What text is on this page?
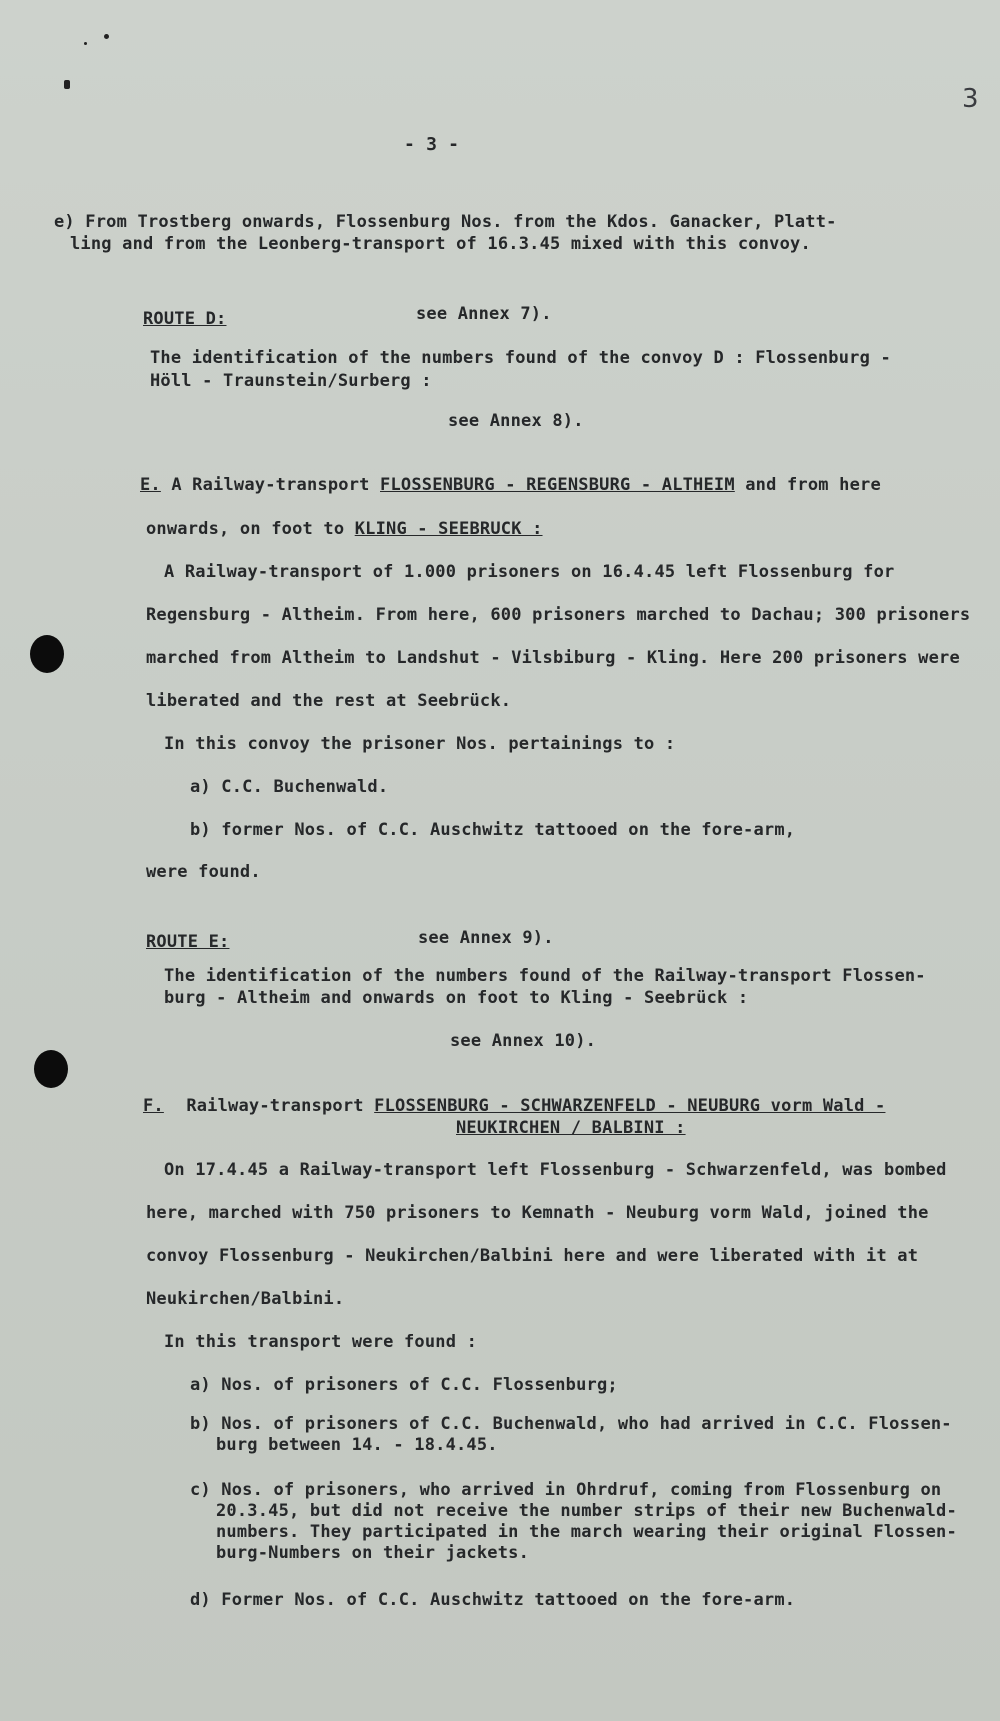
3
- 3 -
e) From Trostberg onwards, Flossenburg Nos. from the Kdos. Ganacker, Platt-
ling and from the Leonberg-transport of 16.3.45 mixed with this convoy.
ROUTE D:	see Annex 7).
The identification of the numbers found of the convoy D : Flossenburg -
Höll - Traunstein/Surberg :
see Annex 8).
E. A Railway-transport FLOSSENBURG - REGENSBURG - ALTHEIM and from here
onwards, on foot to KLING - SEEBRUCK :
A Railway-transport of 1.000 prisoners on 16.4.45 left Flossenburg for
Regensburg - Altheim. From here, 600 prisoners marched to Dachau; 300 prisoners
marched from Altheim to Landshut - Vilsbiburg - Kling. Here 200 prisoners were
liberated and the rest at Seebrück.
In this convoy the prisoner Nos. pertainings to :
a) C.C. Buchenwald.
b) former Nos. of C.C. Auschwitz tattooed on the fore-arm,
were found.
ROUTE E:	see Annex 9).
The identification of the numbers found of the Railway-transport Flossen-
burg - Altheim and onwards on foot to Kling - Seebrück :
see Annex 10).
F. Railway-transport FLOSSENBURG - SCHWARZENFELD - NEUBURG vorm Wald -
NEUKIRCHEN / BALBINI :
On 17.4.45 a Railway-transport left Flossenburg - Schwarzenfeld, was bombed
here, marched with 750 prisoners to Kemnath - Neuburg vorm Wald, joined the
convoy Flossenburg - Neukirchen/Balbini here and were liberated with it at
Neukirchen/Balbini.
In this transport were found :
a) Nos. of prisoners of C.C. Flossenburg;
b) Nos. of prisoners of C.C. Buchenwald, who had arrived in C.C. Flossen-
burg between 14. - 18.4.45.
c) Nos. of prisoners, who arrived in Ohrdruf, coming from Flossenburg on
20.3.45, but did not receive the number strips of their new Buchenwald-
numbers. They participated in the march wearing their original Flossen-
burg-Numbers on their jackets.
d) Former Nos. of C.C. Auschwitz tattooed on the fore-arm.
